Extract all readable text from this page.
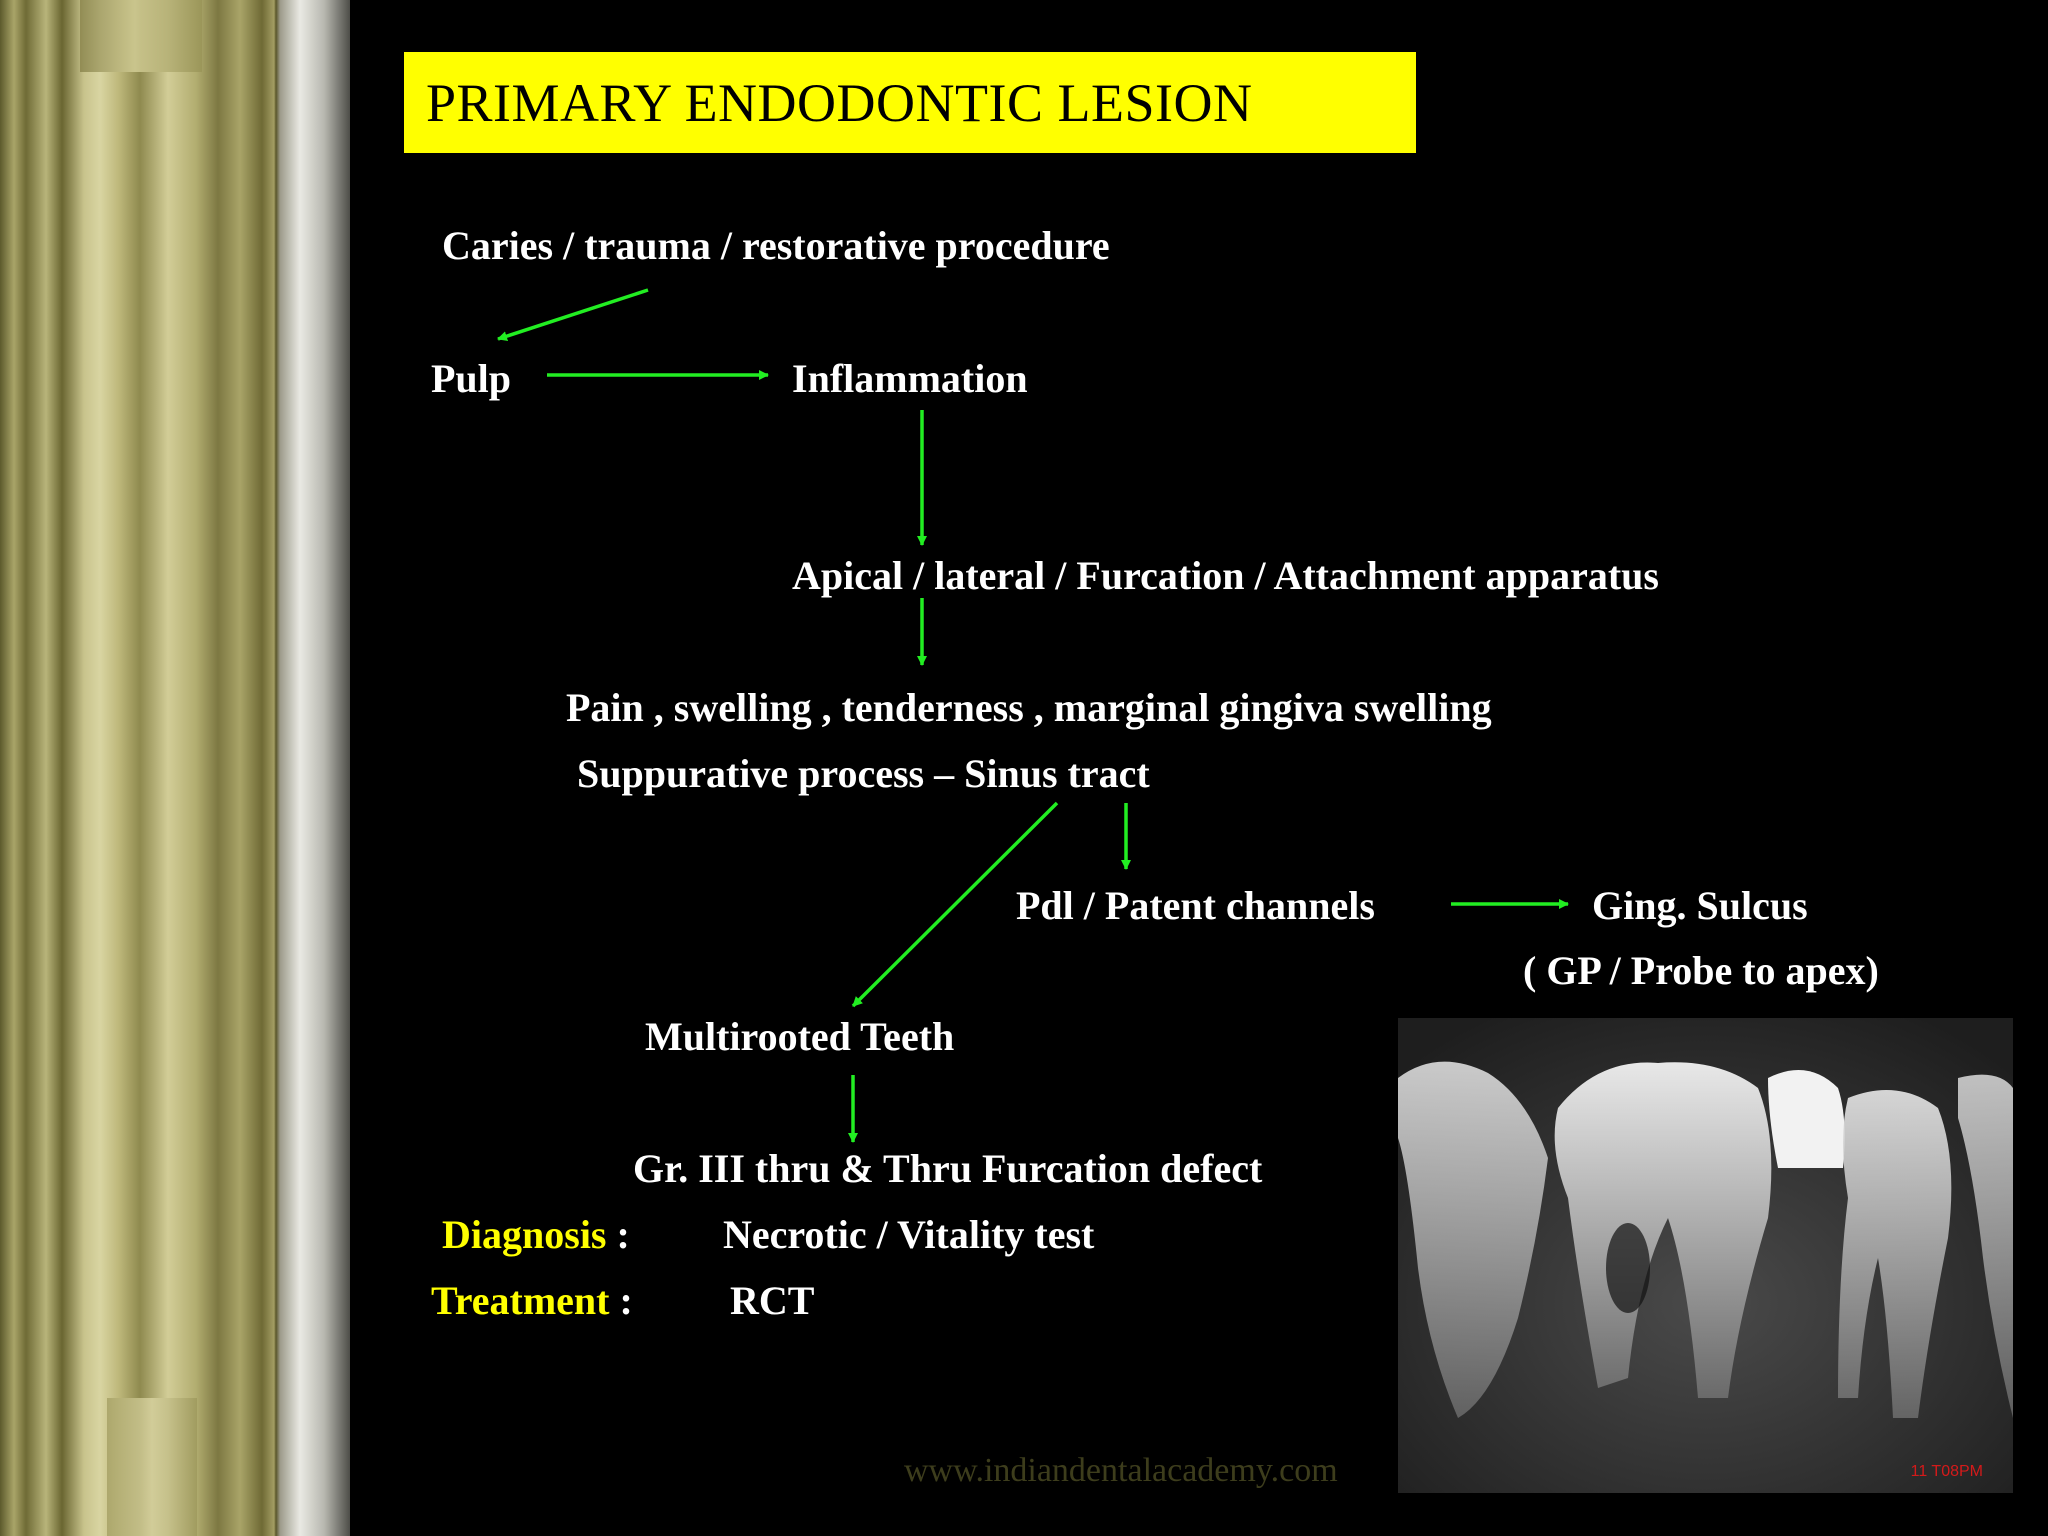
PRIMARY ENDODONTIC LESION
Caries / trauma / restorative procedure
Pulp	Inflammation
Apical / lateral / Furcation / Attachment apparatus
Pain , swelling , tenderness , marginal gingiva swelling
Suppurative process – Sinus tract
Pdl / Patent channels	Ging. Sulcus
( GP / Probe to apex)
Multirooted Teeth
Gr. III thru & Thru Furcation defect
Diagnosis : Necrotic / Vitality test
Treatment : RCT
11 T08PM
www.indiandentalacademy.com
